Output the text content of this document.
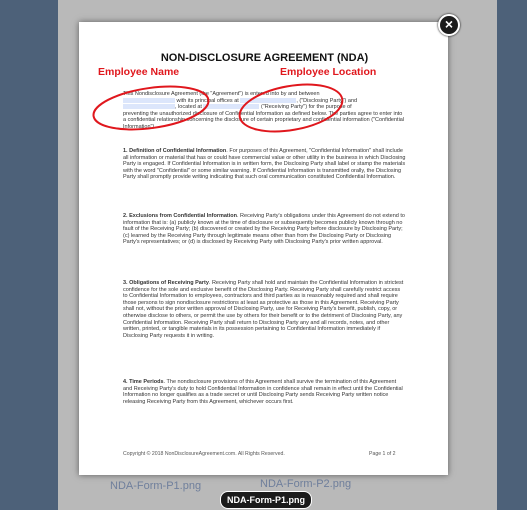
NDA-Form-P1.png	NDA-Form-P2.png
NON-DISCLOSURE AGREEMENT (NDA)
Employee Name	Employee Location
This Nondisclosure Agreement (the "Agreement") is entered into by and between
with its principal offices at	, ("Disclosing Party") and
, located at	("Receiving Party") for the purpose of
preventing the unauthorized disclosure of Confidential Information as defined below. The parties agree to enter into a confidential relationship concerning the disclosure of certain proprietary and confidential information ("Confidential Information").
1. Definition of Confidential Information. For purposes of this Agreement, "Confidential Information" shall include all information or material that has or could have commercial value or other utility in the business in which Disclosing Party is engaged. If Confidential Information is in written form, the Disclosing Party shall label or stamp the materials with the word "Confidential" or some similar warning. If Confidential Information is transmitted orally, the Disclosing Party shall promptly provide writing indicating that such oral communication constituted Confidential Information.
2. Exclusions from Confidential Information. Receiving Party's obligations under this Agreement do not extend to information that is: (a) publicly known at the time of disclosure or subsequently becomes publicly known through no fault of the Receiving Party; (b) discovered or created by the Receiving Party before disclosure by Disclosing Party; (c) learned by the Receiving Party through legitimate means other than from the Disclosing Party or Disclosing Party's representatives; or (d) is disclosed by Receiving Party with Disclosing Party's prior written approval.
3. Obligations of Receiving Party. Receiving Party shall hold and maintain the Confidential Information in strictest confidence for the sole and exclusive benefit of the Disclosing Party. Receiving Party shall carefully restrict access to Confidential Information to employees, contractors and third parties as is reasonably required and shall require those persons to sign nondisclosure restrictions at least as protective as those in this Agreement. Receiving Party shall not, without the prior written approval of Disclosing Party, use for Receiving Party's benefit, publish, copy, or otherwise disclose to others, or permit the use by others for their benefit or to the detriment of Disclosing Party, any Confidential Information. Receiving Party shall return to Disclosing Party any and all records, notes, and other written, printed, or tangible materials in its possession pertaining to Confidential Information immediately if Disclosing Party requests it in writing.
4. Time Periods. The nondisclosure provisions of this Agreement shall survive the termination of this Agreement and Receiving Party's duty to hold Confidential Information in confidence shall remain in effect until the Confidential Information no longer qualifies as a trade secret or until Disclosing Party sends Receiving Party written notice releasing Receiving Party from this Agreement, whichever occurs first.
Copyright © 2018 NonDisclosureAgreement.com. All Rights Reserved.	Page 1 of 2
×
NDA-Form-P1.png
